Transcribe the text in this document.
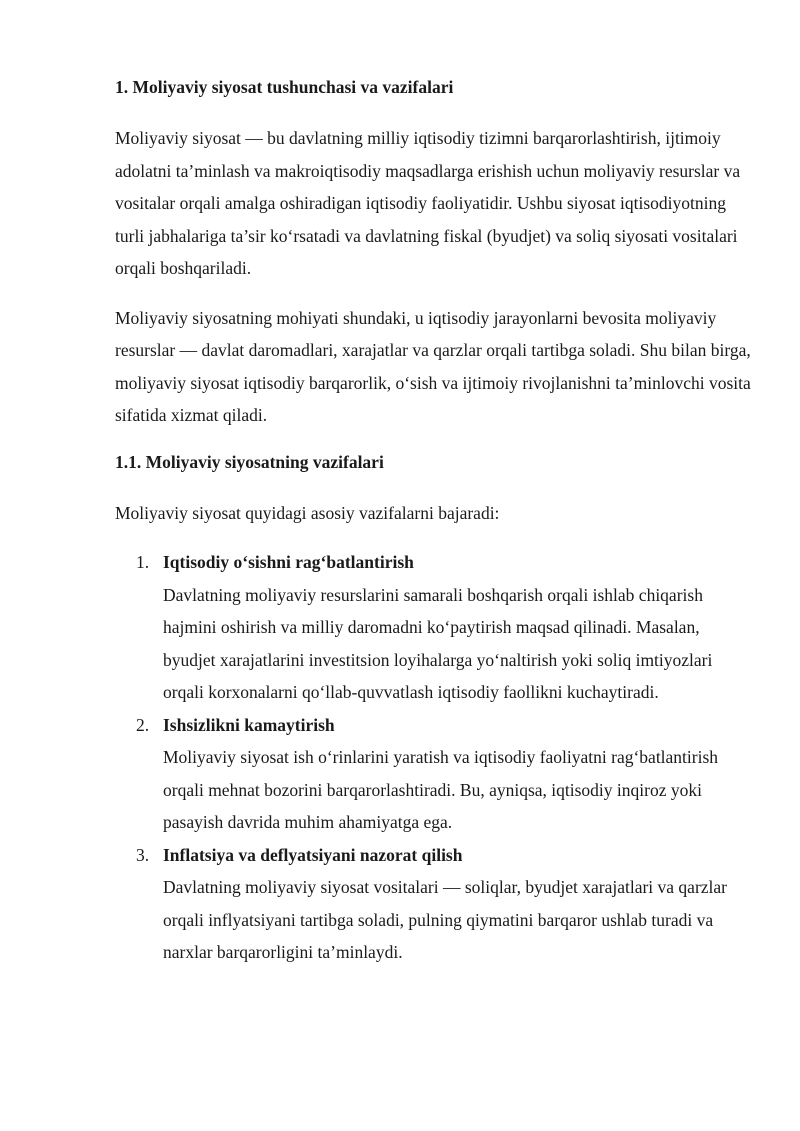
1. Moliyaviy siyosat tushunchasi va vazifalari

Moliyaviy siyosat — bu davlatning milliy iqtisodiy tizimni barqarorlashtirish, ijtimoiy adolatni ta’minlash va makroiqtisodiy maqsadlarga erishish uchun moliyaviy resurslar va vositalar orqali amalga oshiradigan iqtisodiy faoliyatidir. Ushbu siyosat iqtisodiyotning turli jabhalariga ta’sir ko‘rsatadi va davlatning fiskal (byudjet) va soliq siyosati vositalari orqali boshqariladi.

Moliyaviy siyosatning mohiyati shundaki, u iqtisodiy jarayonlarni bevosita moliyaviy resurslar — davlat daromadlari, xarajatlar va qarzlar orqali tartibga soladi. Shu bilan birga, moliyaviy siyosat iqtisodiy barqarorlik, o‘sish va ijtimoiy rivojlanishni ta’minlovchi vosita sifatida xizmat qiladi.

1.1. Moliyaviy siyosatning vazifalari

Moliyaviy siyosat quyidagi asosiy vazifalarni bajaradi:

1. Iqtisodiy o‘sishni rag‘batlantirish
Davlatning moliyaviy resurslarini samarali boshqarish orqali ishlab chiqarish hajmini oshirish va milliy daromadni ko‘paytirish maqsad qilinadi. Masalan, byudjet xarajatlarini investitsion loyihalarga yo‘naltirish yoki soliq imtiyozlari orqali korxonalarni qo‘llab-quvvatlash iqtisodiy faollikni kuchaytiradi.
2. Ishsizlikni kamaytirish
Moliyaviy siyosat ish o‘rinlarini yaratish va iqtisodiy faoliyatni rag‘batlantirish orqali mehnat bozorini barqarorlashtiradi. Bu, ayniqsa, iqtisodiy inqiroz yoki pasayish davrida muhim ahamiyatga ega.
3. Inflatsiya va deflyatsiyani nazorat qilish
Davlatning moliyaviy siyosat vositalari — soliqlar, byudjet xarajatlari va qarzlar orqali inflyatsiyani tartibga soladi, pulning qiymatini barqaror ushlab turadi va narxlar barqarorligini ta’minlaydi.
